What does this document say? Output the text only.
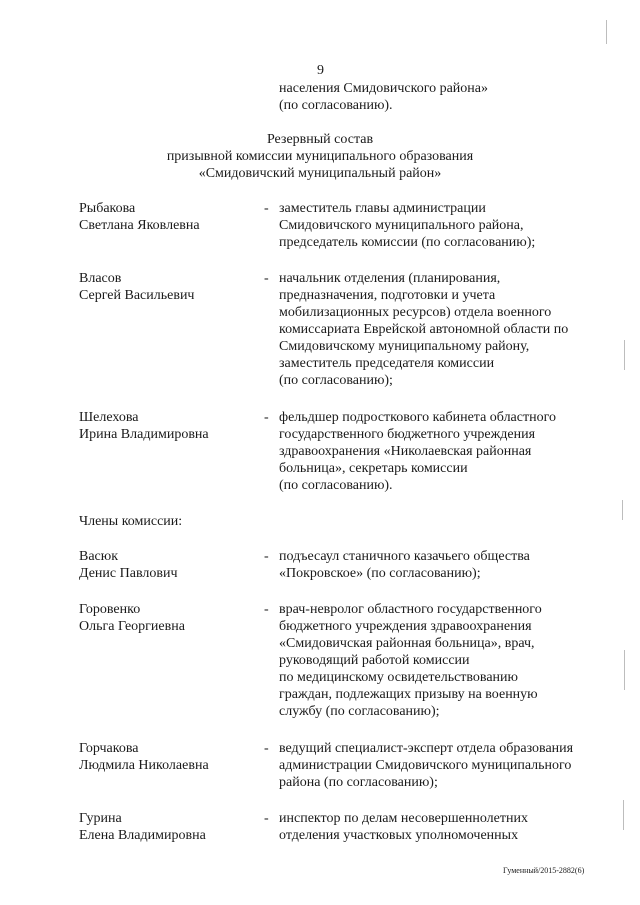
9
населения Смидовичского района»
(по согласованию).
Резервный состав
призывной комиссии муниципального образования
«Смидовичский муниципальный район»
Рыбакова
Светлана Яковлевна
- заместитель главы администрации
Смидовичского муниципального района,
председатель комиссии (по согласованию);
Власов
Сергей Васильевич
- начальник отделения (планирования,
предназначения, подготовки и учета
мобилизационных ресурсов) отдела военного
комиссариата Еврейской автономной области по
Смидовичскому муниципальному району,
заместитель председателя комиссии
(по согласованию);
Шелехова
Ирина Владимировна
- фельдшер подросткового кабинета областного
государственного бюджетного учреждения
здравоохранения «Николаевская районная
больница», секретарь комиссии
(по согласованию).
Члены комиссии:
Васюк
Денис Павлович
- подъесаул станичного казачьего общества
«Покровское» (по согласованию);
Горовенко
Ольга Георгиевна
- врач-невролог областного государственного
бюджетного учреждения здравоохранения
«Смидовичская районная больница», врач,
руководящий работой комиссии
по медицинскому освидетельствованию
граждан, подлежащих призыву на военную
службу (по согласованию);
Горчакова
Людмила Николаевна
- ведущий специалист-эксперт отдела образования
администрации Смидовичского муниципального
района (по согласованию);
Гурина
Елена Владимировна
- инспектор по делам несовершеннолетних
отделения участковых уполномоченных
Гуменный/2015-2882(6)
